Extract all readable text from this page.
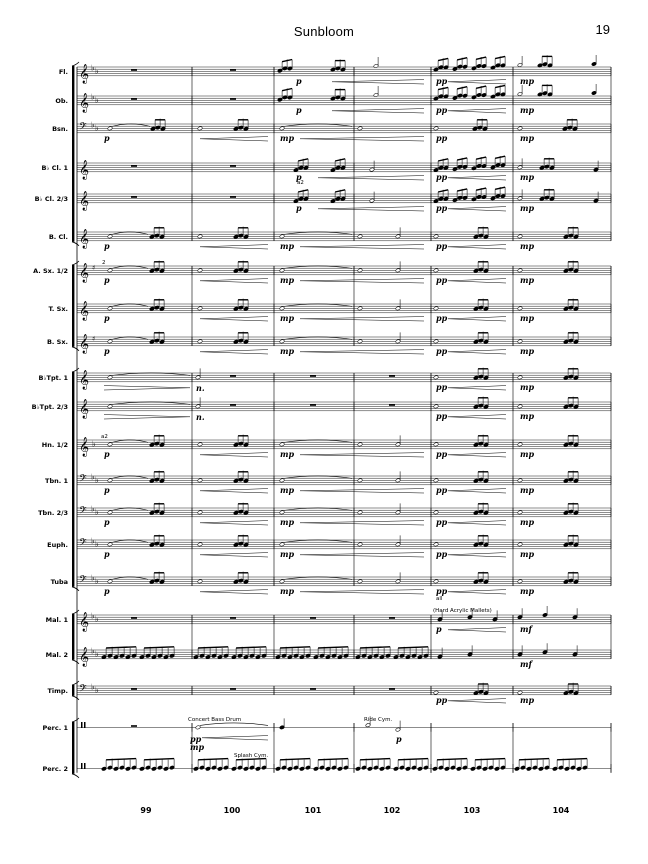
Sunbloom	19
Fl. 𝄞 ♭ ♭
Ob. 𝄞 ♭ ♭
Bsn. 𝄢 ♭ ♭
B♭ Cl. 1 𝄞
B♭ Cl. 2/3 𝄞
B. Cl. 𝄞
A. Sx. 1/2 𝄞 ♯
T. Sx. 𝄞
B. Sx. 𝄞 ♯
B♭Tpt. 1 𝄞
B♭Tpt. 2/3 𝄞
Hn. 1/2 𝄞 ♭
Tbn. 1 𝄢 ♭ ♭
Tbn. 2/3 𝄢 ♭ ♭
Euph. 𝄢 ♭ ♭
Tuba 𝄢 ♭ ♭
Mal. 1 𝄞 ♭ ♭
Mal. 2 𝄞 ♭ ♭
Timp. 𝄢 ♭ ♭
Perc. 1
Perc. 2
p	pp	mp
p	pp	mp
p	mp	pp	mp
p	pp	mp
p	pp	mp
a2
p	mp	pp	mp
p	mp	pp	mp
p	mp	pp	mp
p	mp	pp	mp
p	mp	pp	mp
p	mp	pp	mp
p	mp	pp	mp
p	mp	pp	mp
p	mp	pp	mp
2
a2
all
n.	pp	mp
n.	pp	mp
(Hard Acrylic Mallets)
p	mf
mf
pp	mp
Concert Bass Drum	Ride Cym.
pp
mp
p
Splash Cym.
99	100	101	102	103	104
